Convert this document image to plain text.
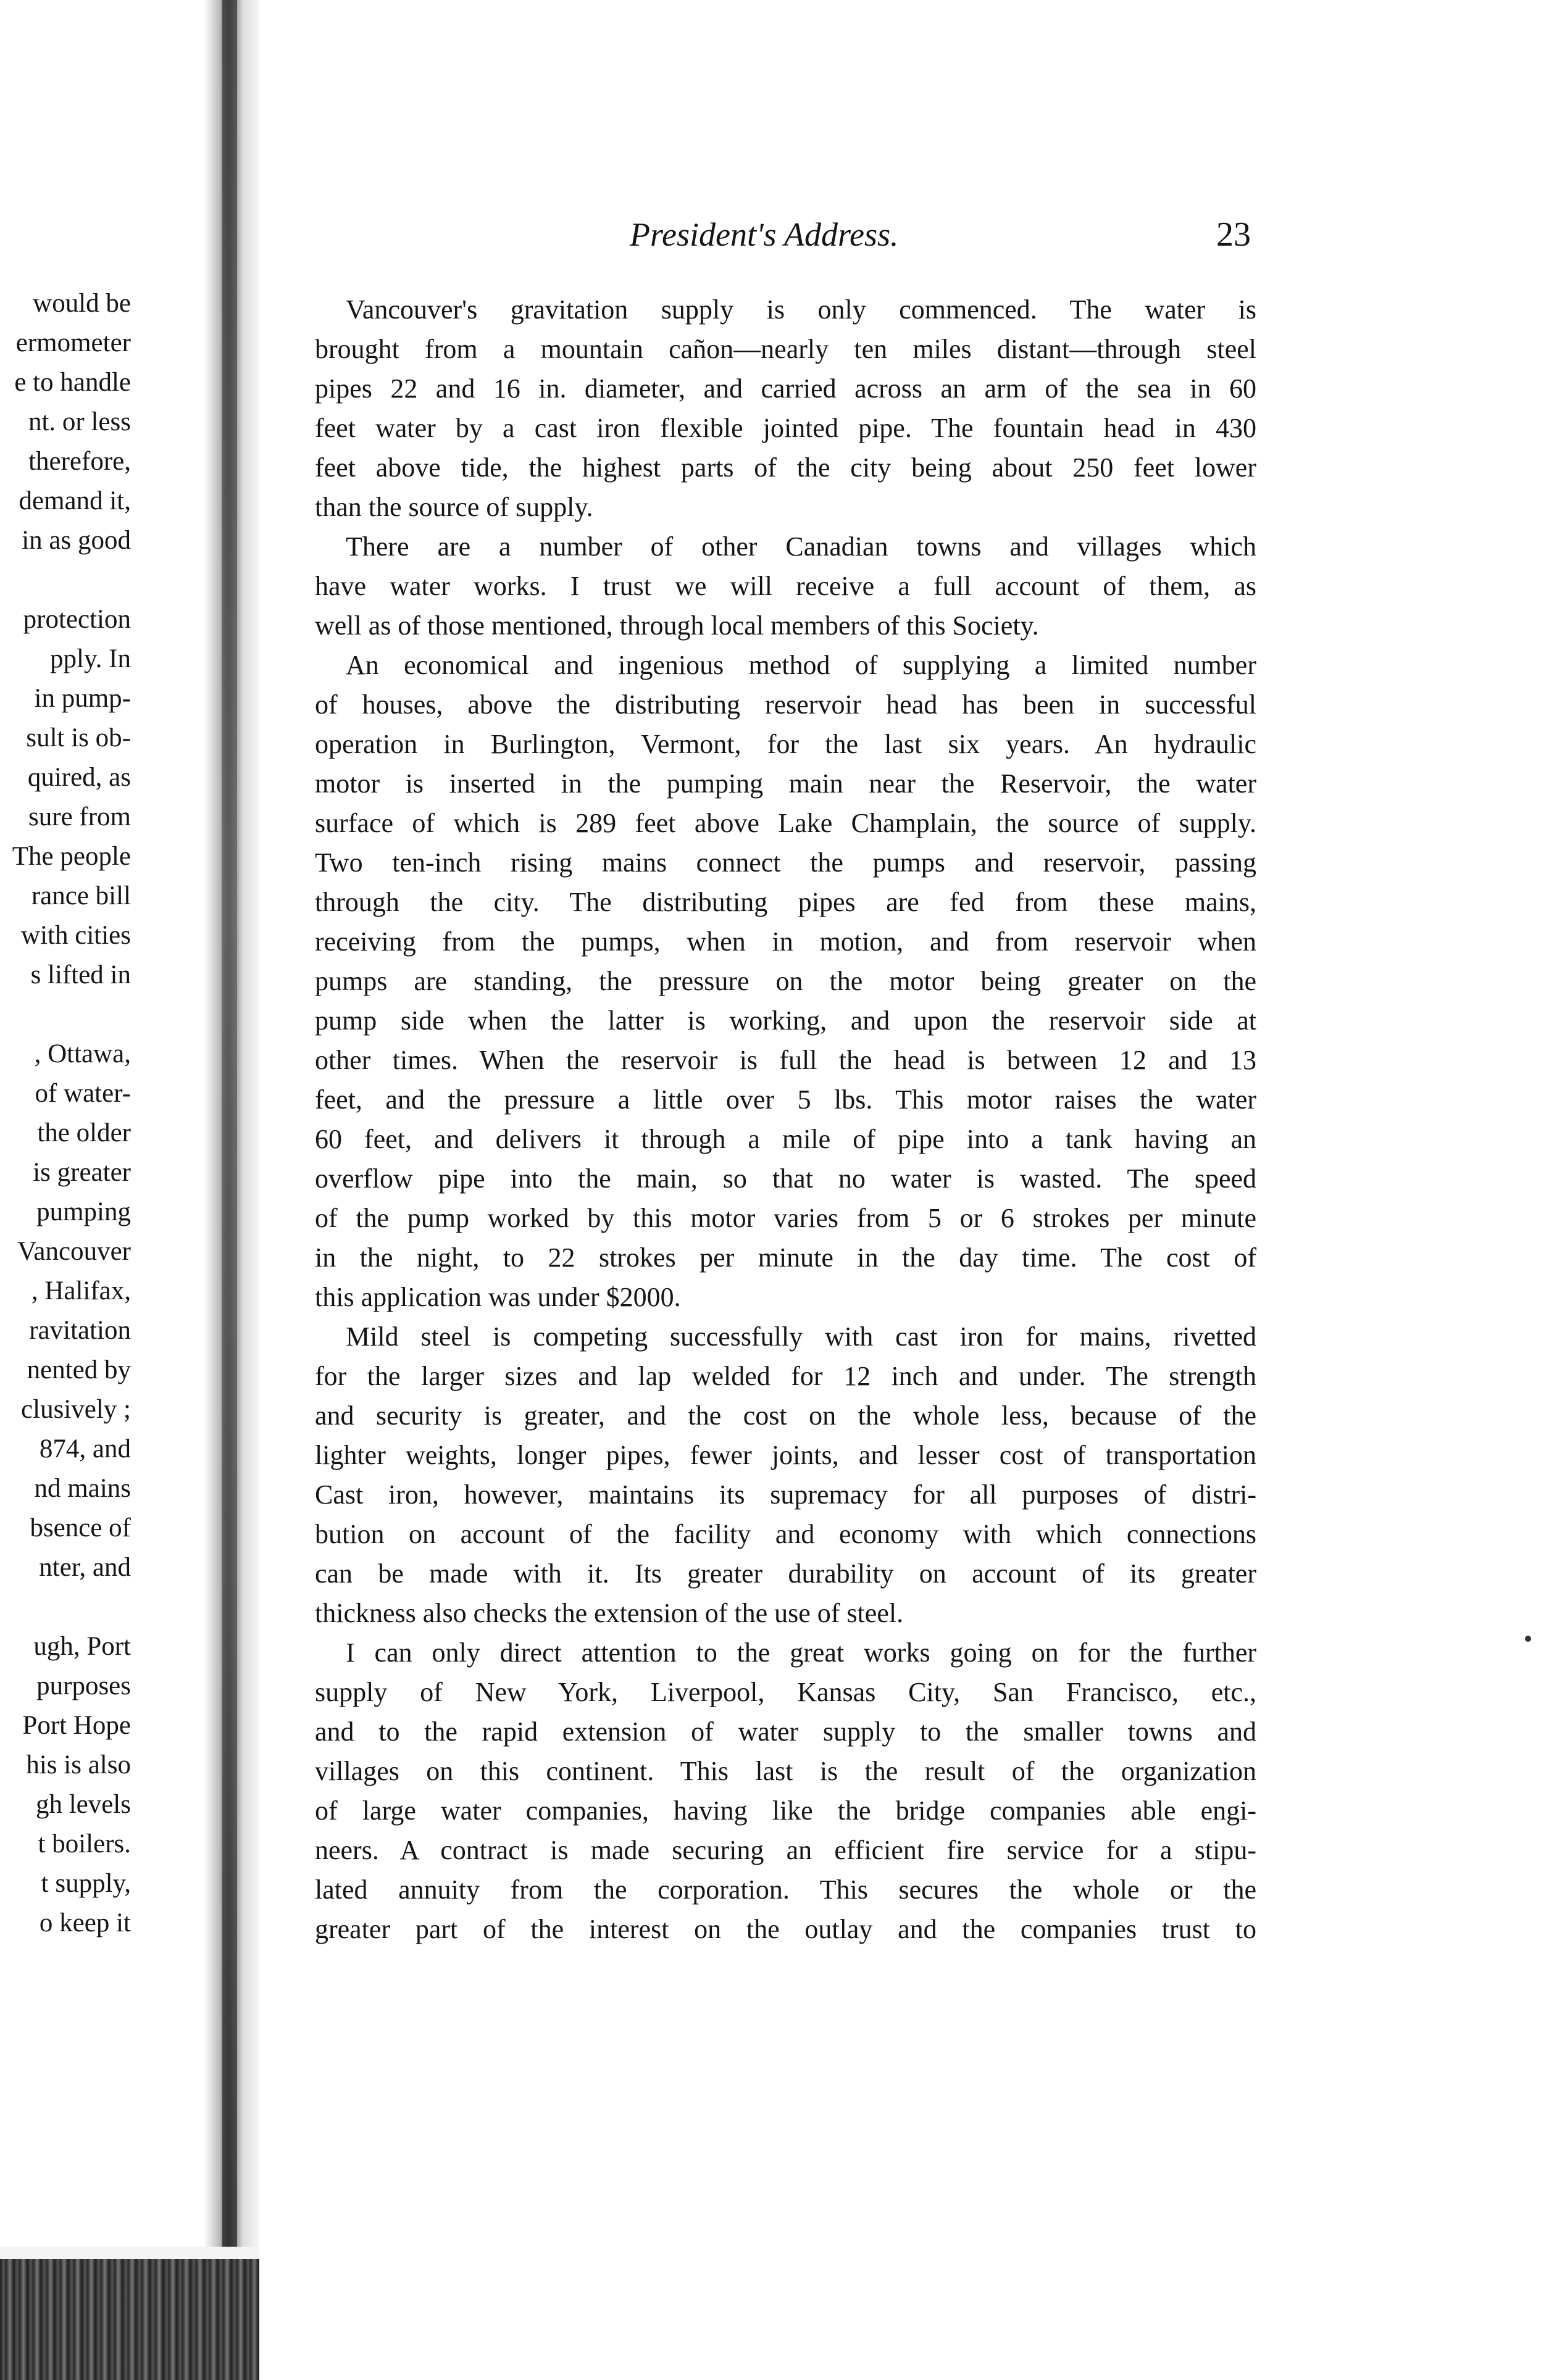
would be
ermometer
e to handle
nt. or less
therefore,
demand it,
in as good
protection
pply. In
in pump-
sult is ob-
quired, as
sure from
The people
rance bill
with cities
s lifted in
, Ottawa,
of water-
the older
is greater
pumping
Vancouver
, Halifax,
ravitation
nented by
clusively ;
874, and
nd mains
bsence of
nter, and
ugh, Port
purposes
Port Hope
his is also
gh levels
t boilers.
t supply,
o keep it
President's Address.	23
Vancouver's gravitation supply is only commenced. The water is
brought from a mountain cañon—nearly ten miles distant—through steel
pipes 22 and 16 in. diameter, and carried across an arm of the sea in 60
feet water by a cast iron flexible jointed pipe. The fountain head in 430
feet above tide, the highest parts of the city being about 250 feet lower
than the source of supply.
There are a number of other Canadian towns and villages which
have water works. I trust we will receive a full account of them, as
well as of those mentioned, through local members of this Society.
An economical and ingenious method of supplying a limited number
of houses, above the distributing reservoir head has been in successful
operation in Burlington, Vermont, for the last six years. An hydraulic
motor is inserted in the pumping main near the Reservoir, the water
surface of which is 289 feet above Lake Champlain, the source of supply.
Two ten-inch rising mains connect the pumps and reservoir, passing
through the city. The distributing pipes are fed from these mains,
receiving from the pumps, when in motion, and from reservoir when
pumps are standing, the pressure on the motor being greater on the
pump side when the latter is working, and upon the reservoir side at
other times. When the reservoir is full the head is between 12 and 13
feet, and the pressure a little over 5 lbs. This motor raises the water
60 feet, and delivers it through a mile of pipe into a tank having an
overflow pipe into the main, so that no water is wasted. The speed
of the pump worked by this motor varies from 5 or 6 strokes per minute
in the night, to 22 strokes per minute in the day time. The cost of
this application was under $2000.
Mild steel is competing successfully with cast iron for mains, rivetted
for the larger sizes and lap welded for 12 inch and under. The strength
and security is greater, and the cost on the whole less, because of the
lighter weights, longer pipes, fewer joints, and lesser cost of transportation
Cast iron, however, maintains its supremacy for all purposes of distri-
bution on account of the facility and economy with which connections
can be made with it. Its greater durability on account of its greater
thickness also checks the extension of the use of steel.
I can only direct attention to the great works going on for the further
supply of New York, Liverpool, Kansas City, San Francisco, etc.,
and to the rapid extension of water supply to the smaller towns and
villages on this continent. This last is the result of the organization
of large water companies, having like the bridge companies able engi-
neers. A contract is made securing an efficient fire service for a stipu-
lated annuity from the corporation. This secures the whole or the
greater part of the interest on the outlay and the companies trust to
